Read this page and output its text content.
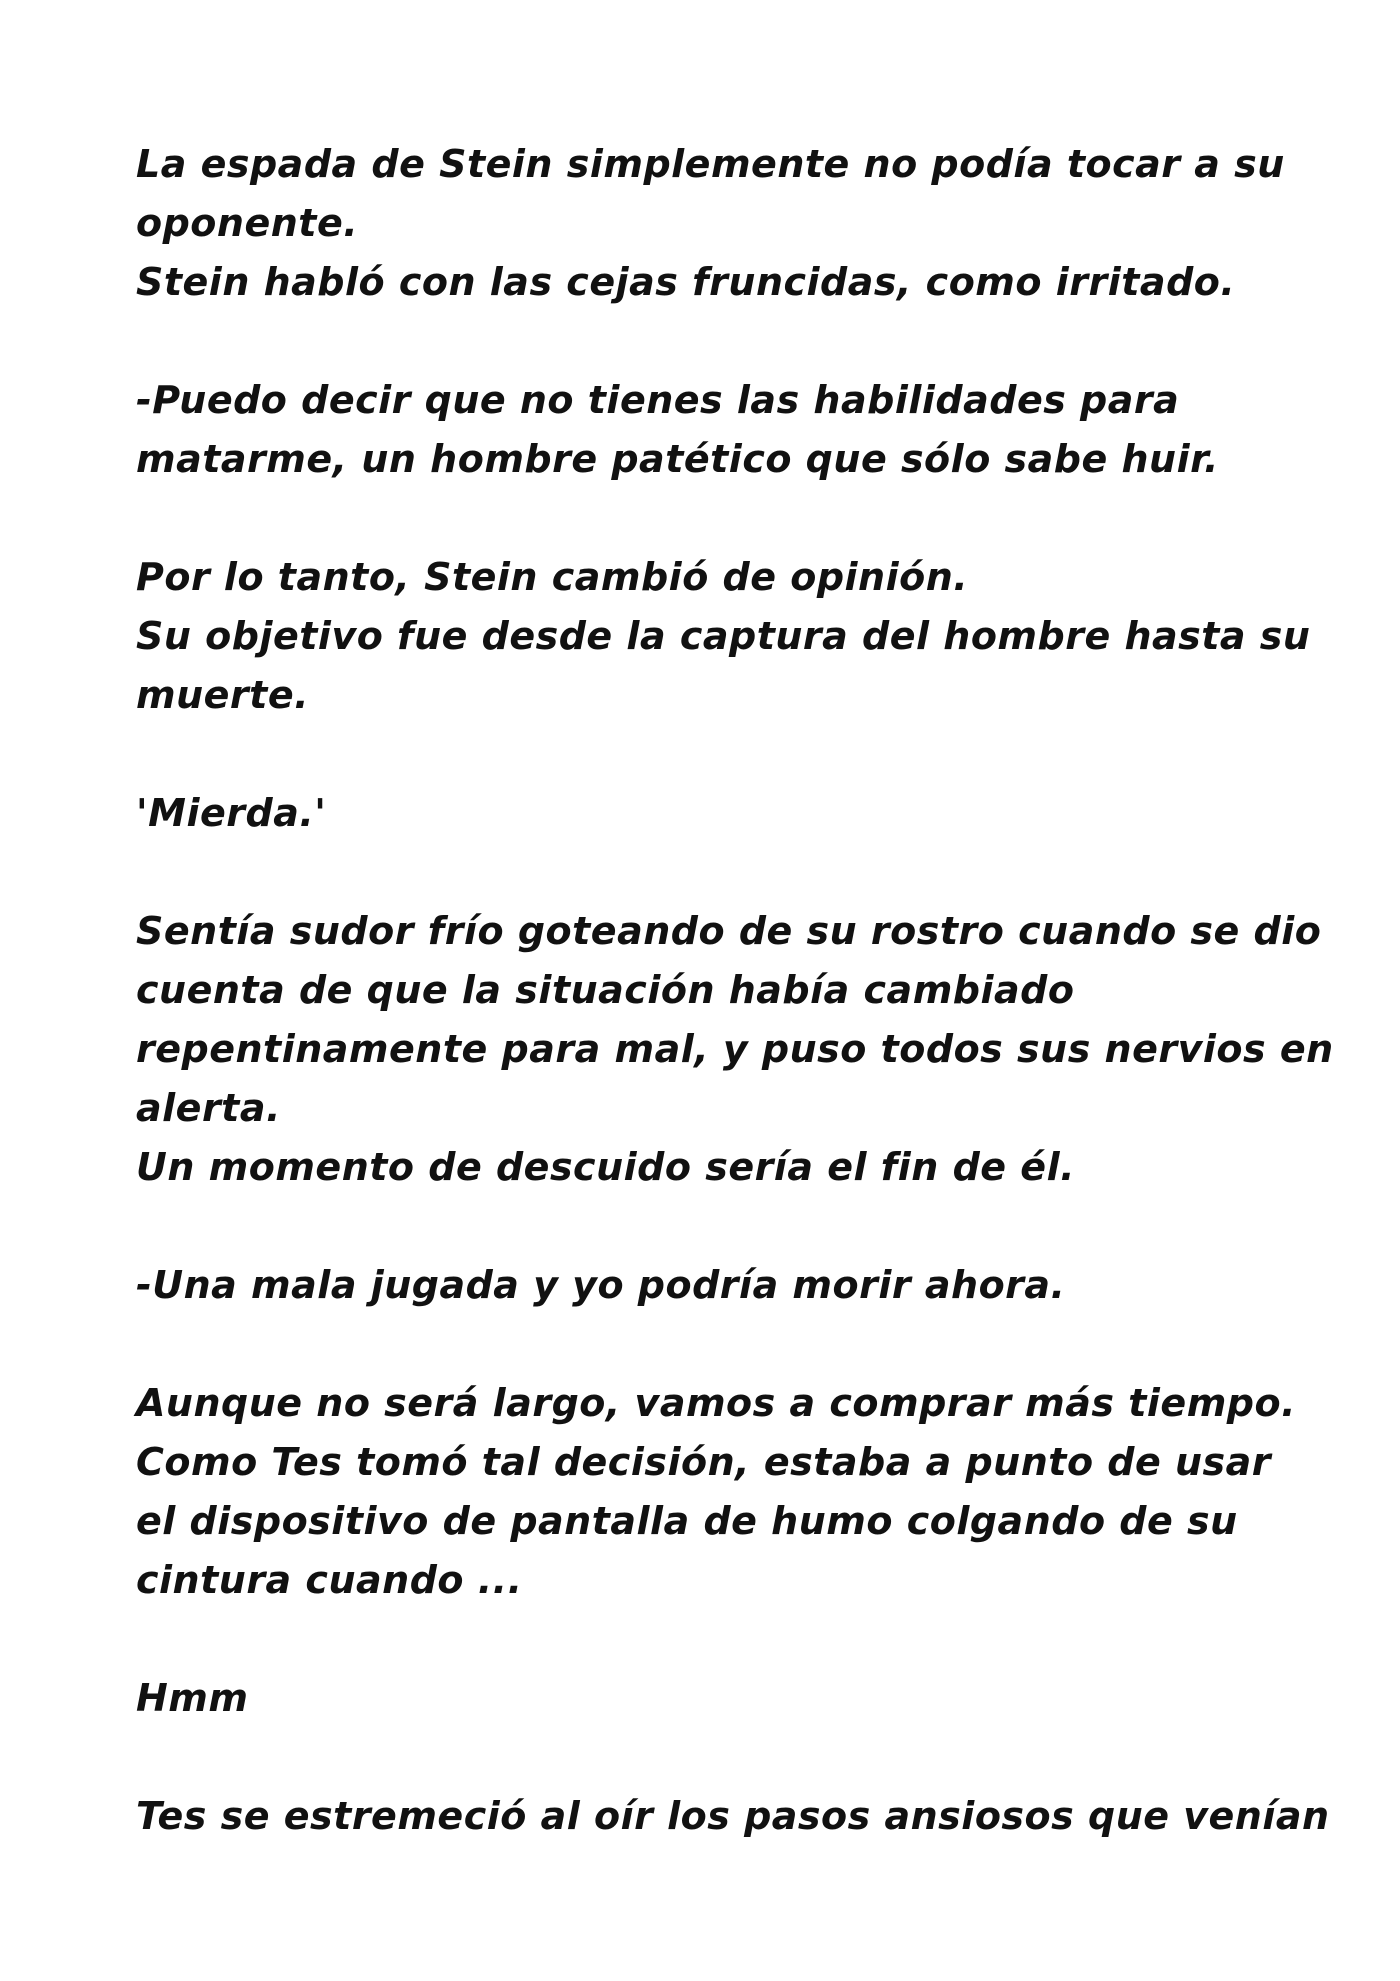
La espada de Stein simplemente no podía tocar a su
oponente.
Stein habló con las cejas fruncidas, como irritado.

-Puedo decir que no tienes las habilidades para
matarme, un hombre patético que sólo sabe huir.

Por lo tanto, Stein cambió de opinión.
Su objetivo fue desde la captura del hombre hasta su
muerte.

'Mierda.'

Sentía sudor frío goteando de su rostro cuando se dio
cuenta de que la situación había cambiado
repentinamente para mal, y puso todos sus nervios en
alerta.
Un momento de descuido sería el fin de él.

-Una mala jugada y yo podría morir ahora.

Aunque no será largo, vamos a comprar más tiempo.
Como Tes tomó tal decisión, estaba a punto de usar
el dispositivo de pantalla de humo colgando de su
cintura cuando ...

Hmm

Tes se estremeció al oír los pasos ansiosos que venían
